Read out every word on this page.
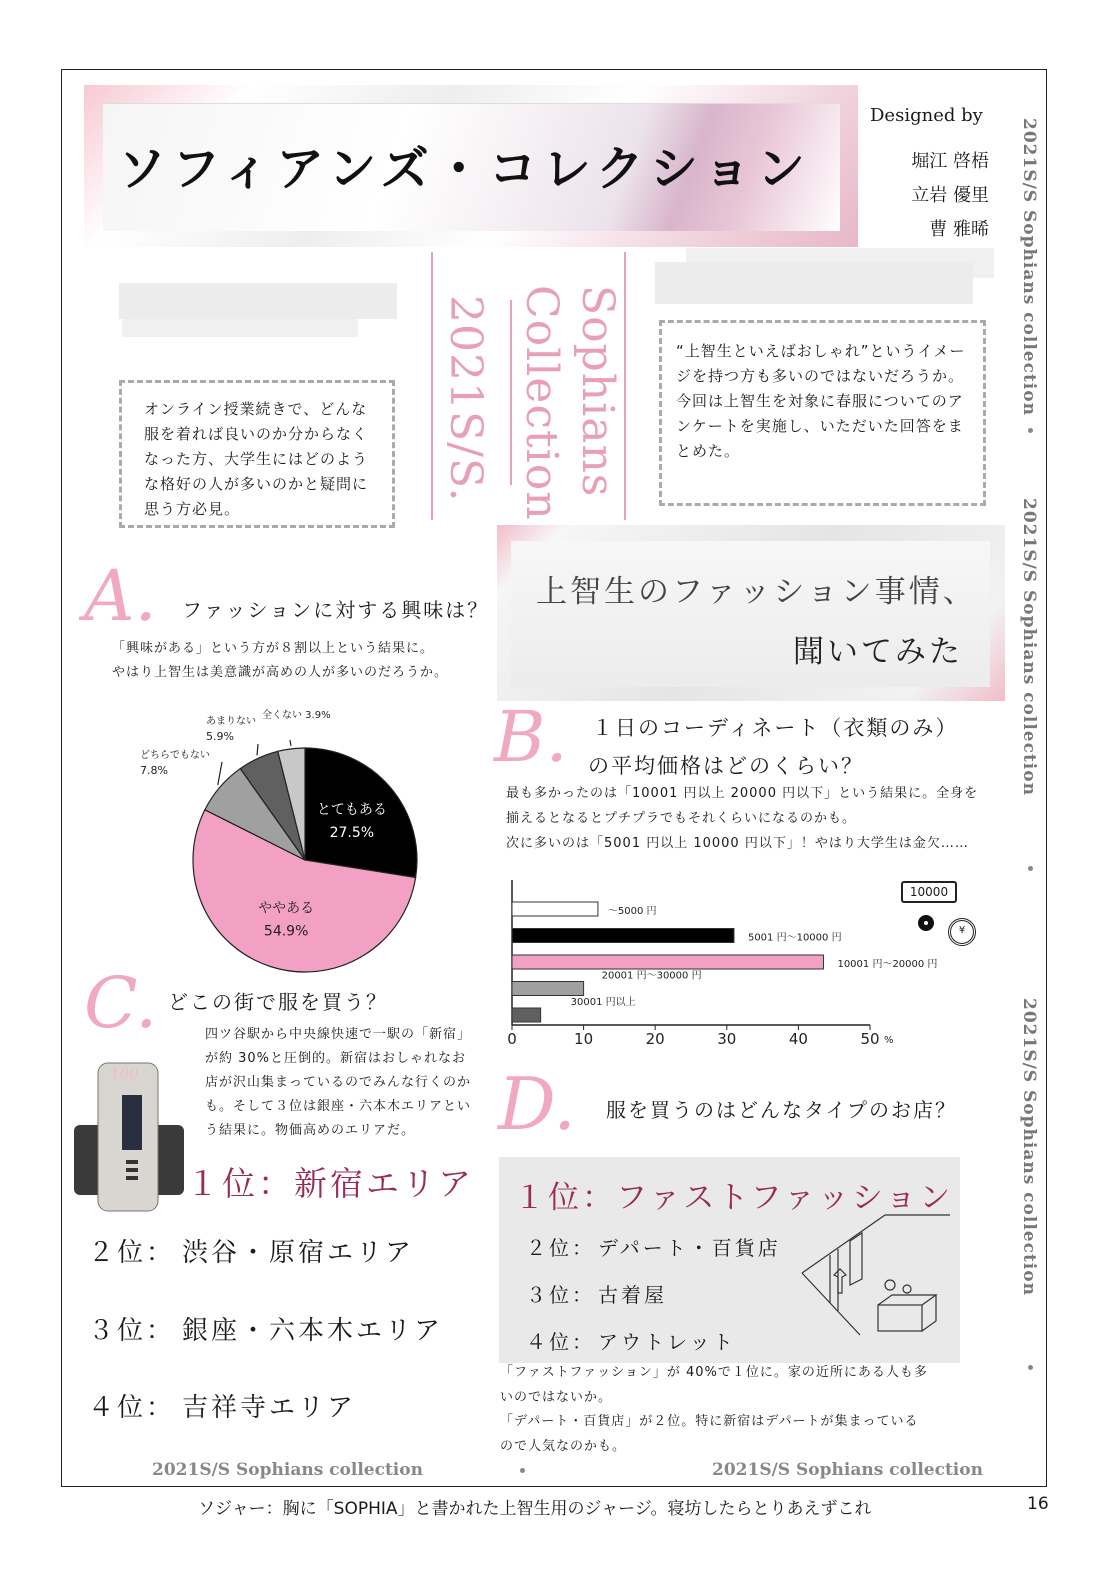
ソフィアンズ・コレクション
Designed by
堀江 啓梧
立岩 優里
曹 雅晞 2021S/S Sophians collection
2021S/S Sophians collection
2021S/S Sophians collection

オンライン授業続きで、どんな服を着れば良いのか分からなくなった方、大学生にはどのような格好の人が多いのかと疑問に思う方必見。

“上智生といえばおしゃれ”というイメージを持つ方も多いのではないだろうか。

今回は上智生を対象に春服についてのアンケートを実施し、いただいた回答をまとめた。

Sophians
Collection
2021S/S.
上智生のファッション事情、
聞いてみた
A. ファッションに対する興味は？
「興味がある」という方が８割以上という結果に。
やはり上智生は美意識が高めの人が多いのだろうか。
とてもある
27.5%
ややある
54.9%
どちらでもない
7.8%
あまりない
5.9%
全くない 3.9% B. １日のコーディネート（衣類のみ）
の平均価格はどのくらい？
最も多かったのは「10001 円以上 20000 円以下」という結果に。全身を
揃えるとなるとプチプラでもそれくらいになるのかも。
次に多いのは「5001 円以上 10000 円以下」！やはり大学生は金欠……
0	10	20	30	40	50 %
～5000 円
5001 円～10000 円
10001 円～20000 円
20001 円～30000 円
30001 円以上
10000
¥
C. どこの街で服を買う？
四ツ谷駅から中央線快速で一駅の「新宿」が約 30%と圧倒的。新宿はおしゃれなお店が沢山集まっているのでみんな行くのかも。そして３位は銀座・六本木エリアという結果に。物価高めのエリアだ。
100
１位：新宿エリア
２位： 渋谷・原宿エリア
３位： 銀座・六本木エリア
４位： 吉祥寺エリア
D. 服を買うのはどんなタイプのお店？
１位：ファストファッション
２位： デパート・百貨店
３位： 古着屋
４位： アウトレット
「ファストファッション」が 40%で１位に。家の近所にある人も多
いのではないか。
「デパート・百貨店」が２位。特に新宿はデパートが集まっている
ので人気なのかも。
2021S/S Sophians collection	2021S/S Sophians collection
ソジャー：胸に「SOPHIA」と書かれた上智生用のジャージ。寝坊したらとりあえずこれ	16
